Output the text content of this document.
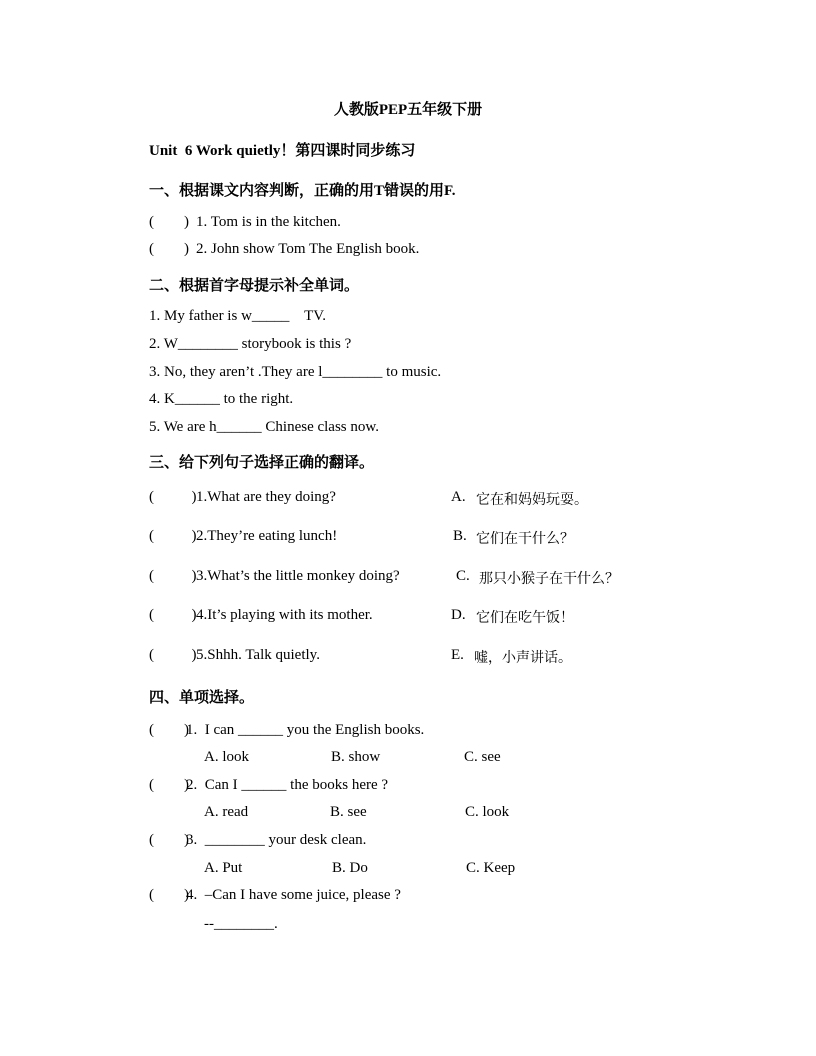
人教版PEP五年级下册
Unit  6 Work quietly！第四课时同步练习
一、根据课文内容判断，正确的用T错误的用F.
(        ) 1. Tom is in the kitchen.
(        ) 2. John show Tom The English book.
二、根据首字母提示补全单词。
1. My father is w_____    TV.
2. W________ storybook is this ?
3. No, they aren’t .They are l________ to music.
4. K______ to the right.
5. We are h______ Chinese class now.
三、给下列句子选择正确的翻译。
(          ) 1.What are they doing?	A. 它在和妈妈玩耍。
(          ) 2.They’re eating lunch!	B. 它们在干什么？
(          ) 3.What’s the little monkey doing?	C. 那只小猴子在干什么？
(          ) 4.It’s playing with its mother.	D. 它们在吃午饭！
(          ) 5.Shhh. Talk quietly.	E. 嘘，小声讲话。
四、单项选择。
(        )
1.  I can ______ you the English books.
A. look	B. show	C. see
(        )
2.  Can I ______ the books here ?
A. read	B. see	C. look
(        )
3.  ________ your desk clean.
A. Put	B. Do	C. Keep
(        )
4.  –Can I have some juice, please ?
--________.
